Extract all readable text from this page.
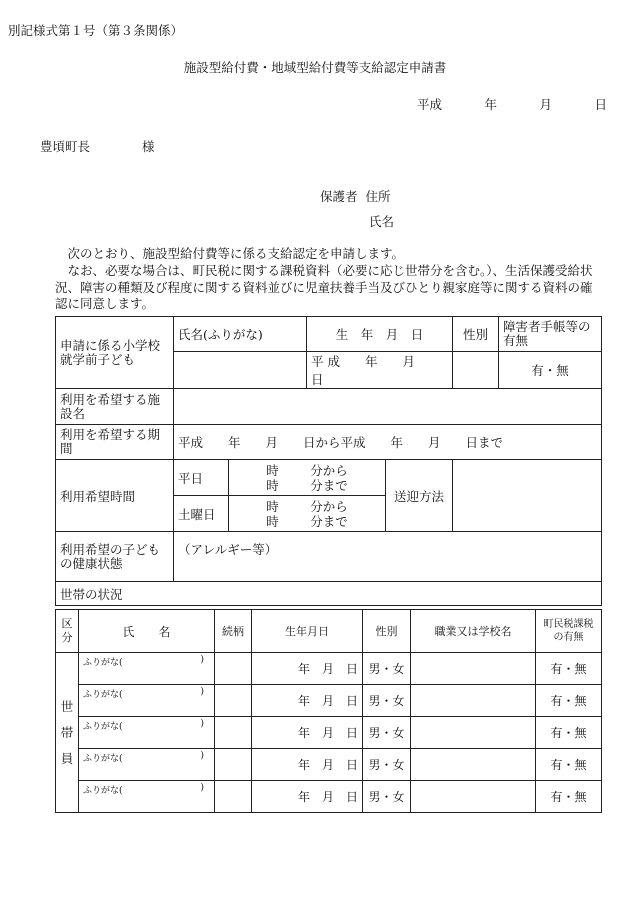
別記様式第１号（第３条関係）
施設型給付費・地域型給付費等支給認定申請書
平成	年	月	日
豊頃町長	様
保護者 住所
氏名

次のとおり、施設型給付費等に係る支給認定を申請します。

なお、必要な場合は、町民税に関する課税資料（必要に応じ世帯分を含む。）、生活保護受給状況、障害の種類及び程度に関する資料並びに児童扶養手当及びひとり親家庭等に関する資料の確認に同意します。

申請に係る小学校就学前子ども	氏名(ふりがな)		生　年　月　日		性別	障害者手帳等の有無
			平 成　　年　　月　　日			有・無
利用を希望する施設名						
利用を希望する期間	平成　　年　　月　　日から平成　　年　　月　　日まで					
利用希望時間	平日	時 分から
時 分まで		送迎方法		
	土曜日	時 分から
時 分まで				
利用希望の子どもの健康状態	（アレルギー等）					
世帯の状況						
区分	氏　　名	続柄	生年月日	性別	職業又は学校名	町民税課税の有無
世
帯
員	ふりがな( )		年　月　日	男・女		有・無
	ふりがな( )		年　月　日	男・女		有・無
	ふりがな( )		年　月　日	男・女		有・無
	ふりがな( )		年　月　日	男・女		有・無
	ふりがな( )		年　月　日	男・女		有・無
